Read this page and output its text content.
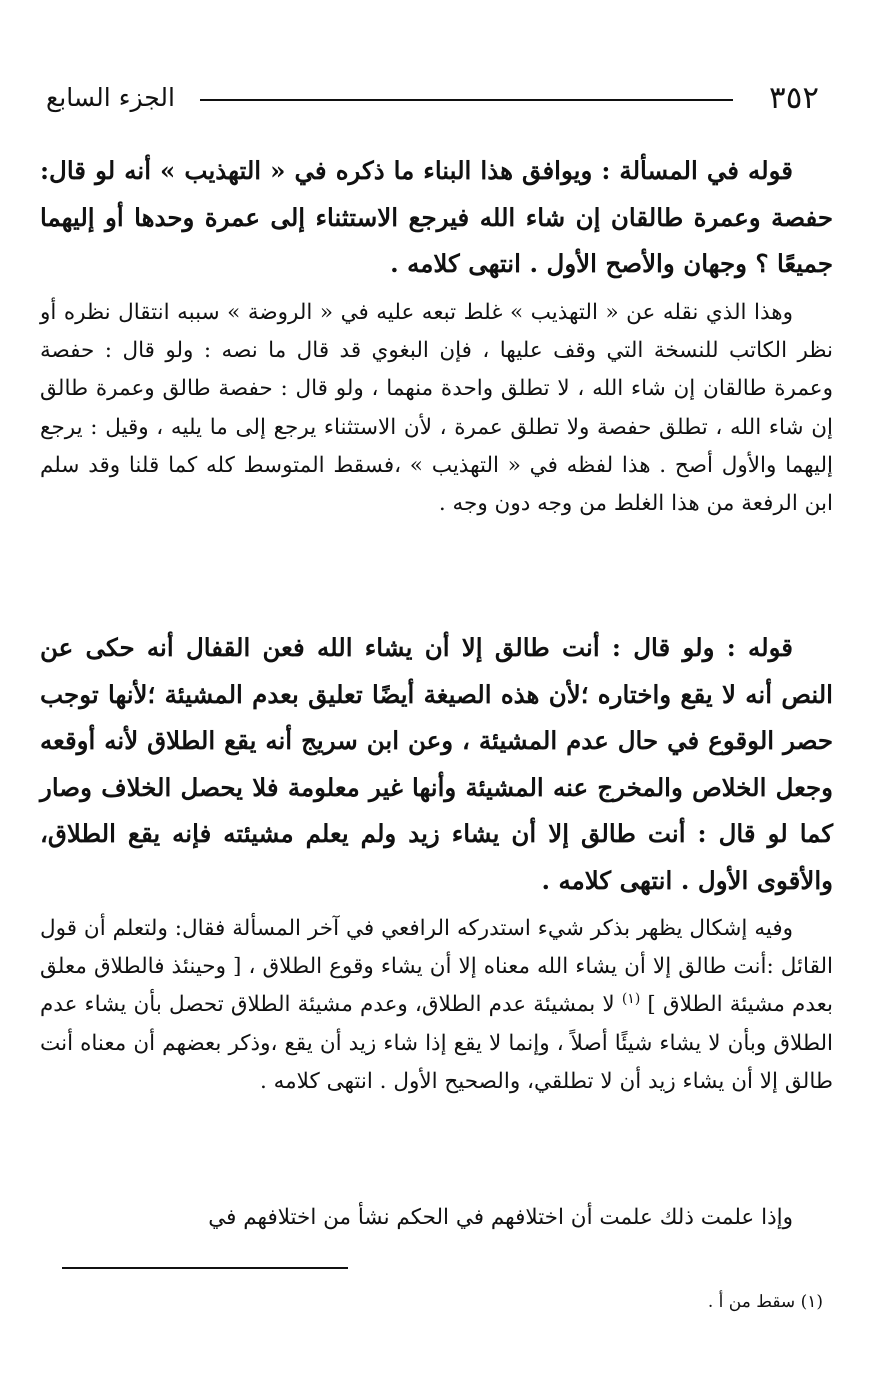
٣٥٢
الجزء السابع

قوله في المسألة : ويوافق هذا البناء ما ذكره في « التهذيب » أنه لو قال: حفصة وعمرة طالقان إن شاء الله فيرجع الاستثناء إلى عمرة وحدها أو إليهما جميعًا ؟ وجهان والأصح الأول . انتهى كلامه .

وهذا الذي نقله عن « التهذيب » غلط تبعه عليه في « الروضة » سببه انتقال نظره أو نظر الكاتب للنسخة التي وقف عليها ، فإن البغوي قد قال ما نصه : ولو قال : حفصة وعمرة طالقان إن شاء الله ، لا تطلق واحدة منهما ، ولو قال : حفصة طالق وعمرة طالق إن شاء الله ، تطلق حفصة ولا تطلق عمرة ، لأن الاستثناء يرجع إلى ما يليه ، وقيل : يرجع إليهما والأول أصح . هذا لفظه في « التهذيب » ،فسقط المتوسط كله كما قلنا وقد سلم ابن الرفعة من هذا الغلط من وجه دون وجه .

قوله : ولو قال : أنت طالق إلا أن يشاء الله فعن القفال أنه حكى عن النص أنه لا يقع واختاره ؛لأن هذه الصيغة أيضًا تعليق بعدم المشيئة ؛لأنها توجب حصر الوقوع في حال عدم المشيئة ، وعن ابن سريج أنه يقع الطلاق لأنه أوقعه وجعل الخلاص والمخرج عنه المشيئة وأنها غير معلومة فلا يحصل الخلاف وصار كما لو قال : أنت طالق إلا أن يشاء زيد ولم يعلم مشيئته فإنه يقع الطلاق، والأقوى الأول . انتهى كلامه .

وفيه إشكال يظهر بذكر شيء استدركه الرافعي في آخر المسألة فقال: ولتعلم أن قول القائل :أنت طالق إلا أن يشاء الله معناه إلا أن يشاء وقوع الطلاق ، [ وحينئذ فالطلاق معلق بعدم مشيئة الطلاق ] $^{(١)}$ لا بمشيئة عدم الطلاق، وعدم مشيئة الطلاق تحصل بأن يشاء عدم الطلاق وبأن لا يشاء شيئًا أصلاً ، وإنما لا يقع إذا شاء زيد أن يقع ،وذكر بعضهم أن معناه أنت طالق إلا أن يشاء زيد أن لا تطلقي، والصحيح الأول . انتهى كلامه .

وإذا علمت ذلك علمت أن اختلافهم في الحكم نشأ من اختلافهم في

(١) سقط من أ .
